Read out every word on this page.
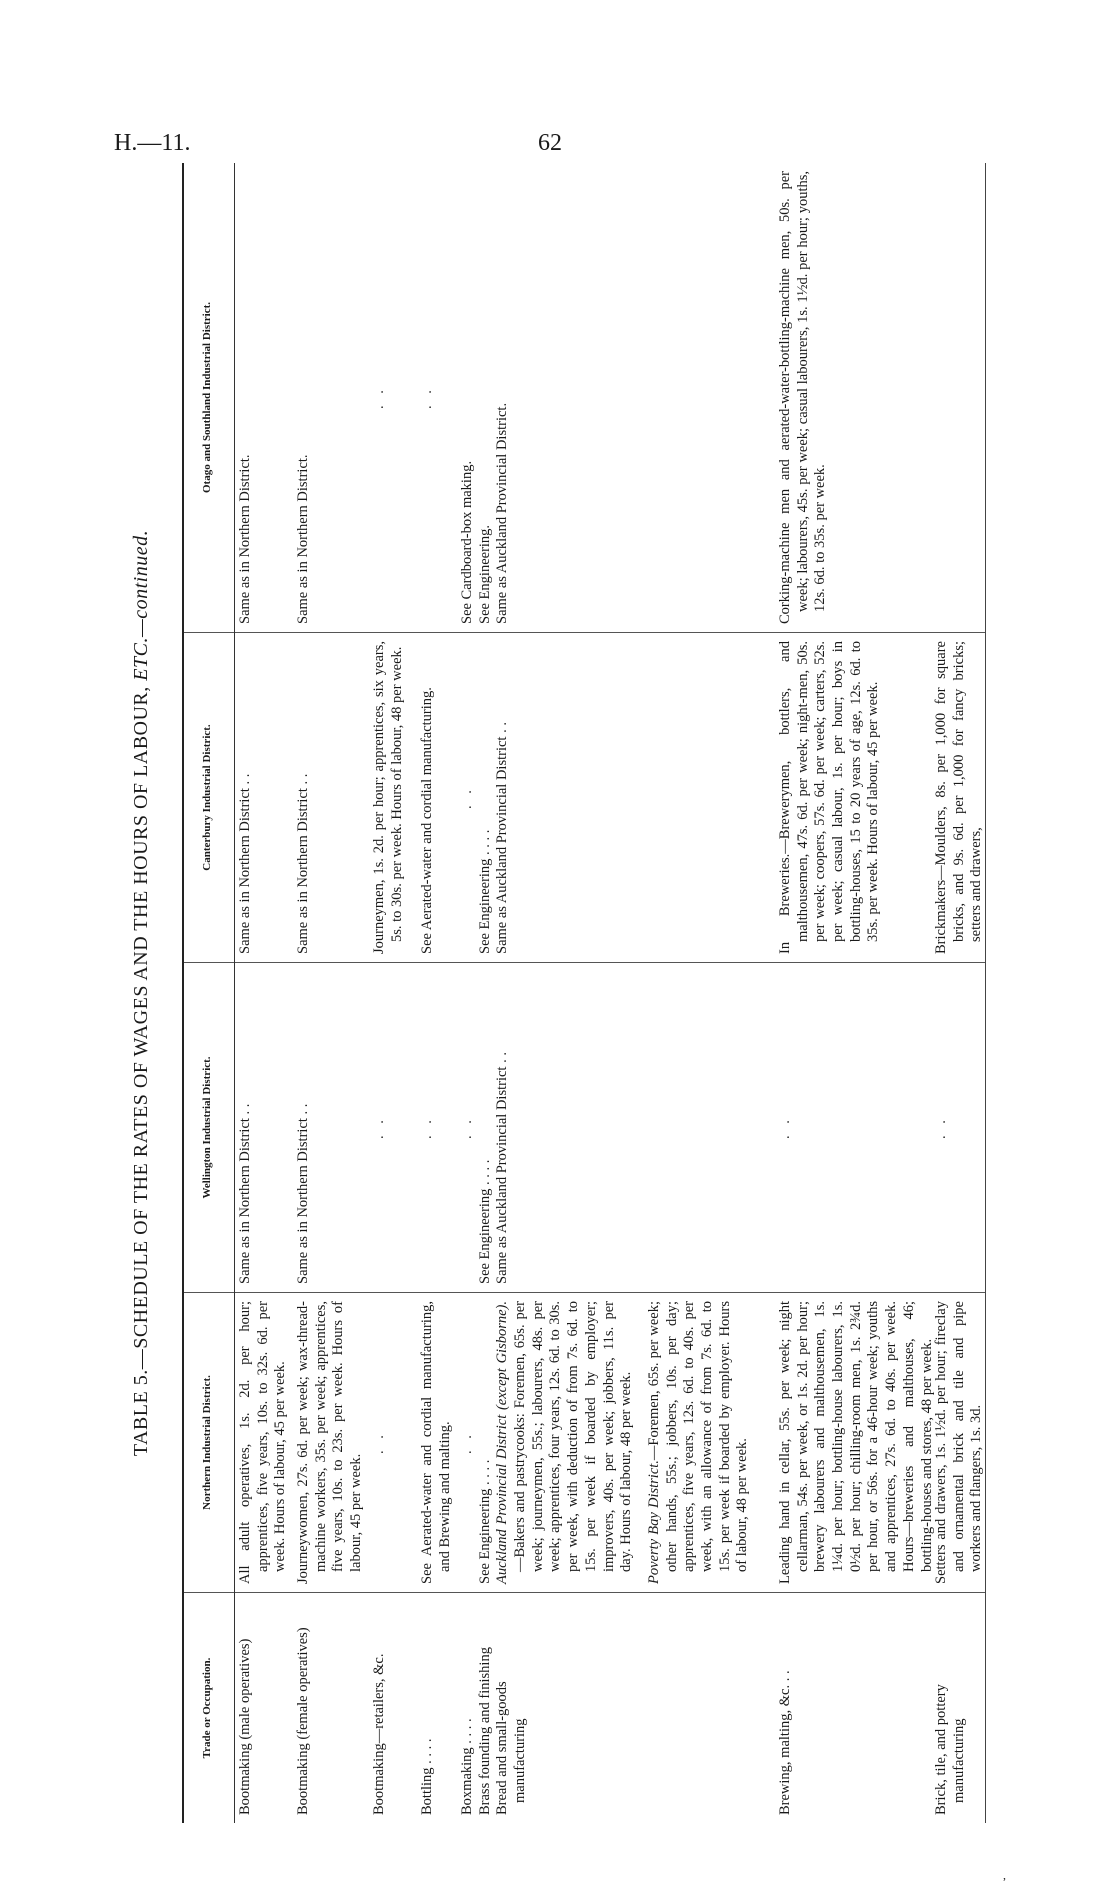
H.—11.	62
,
TABLE 5.—SCHEDULE OF THE RATES OF WAGES AND THE HOURS OF LABOUR, ETC.—continued.
Trade or Occupation.
Northern Industrial District.
Wellington Industrial District.
Canterbury Industrial District.
Otago and Southland Industrial District.

Bootmaking (male operatives)

All adult operatives, 1s. 2d. per hour; apprentices, five years, 10s. to 32s. 6d. per week. Hours of labour, 45 per week.

Same as in Northern District . .

Same as in Northern District . .

Same as in Northern District.

Bootmaking (female operatives)

Journeywomen, 27s. 6d. per week; wax-thread-machine workers, 35s. per week; apprentices, five years, 10s. to 23s. per week. Hours of labour, 45 per week.

Same as in Northern District . .

Same as in Northern District . .

Same as in Northern District.

Bootmaking—retailers, &c.

. .
. .

Journeymen, 1s. 2d. per hour; apprentices, six years, 5s. to 30s. per week. Hours of labour, 48 per week.

. .

Bottling . . . .

See Aerated-water and cordial manufacturing, and Brewing and malting.

. .

See Aerated-water and cordial manufacturing.

. .

Boxmaking . . . . Brass founding and finishing Bread and small-goods manufacturing

. .

See Engineering . . . . Auckland Provincial District (except Gisborne). —Bakers and pastrycooks: Foremen, 65s. per week; journeymen, 55s.; labourers, 48s. per week; apprentices, four years, 12s. 6d. to 30s. per week, with deduction of from 7s. 6d. to 15s. per week if boarded by employer; improvers, 40s. per week; jobbers, 11s. per day. Hours of labour, 48 per week. Poverty Bay District.—Foremen, 65s. per week; other hands, 55s.; jobbers, 10s. per day; apprentices, five years, 12s. 6d. to 40s. per week, with an allowance of from 7s. 6d. to 15s. per week if boarded by employer. Hours of labour, 48 per week.

. .

See Engineering . . . . Same as Auckland Provincial District . .

. .

See Engineering . . . . Same as Auckland Provincial District . .

See Cardboard-box making. See Engineering. Same as Auckland Provincial District.

Brewing, malting, &c. . .

Leading hand in cellar, 55s. per week; night cellarman, 54s. per week, or 1s. 2d. per hour; brewery labourers and malthousemen, 1s. 1¼d. per hour; bottling-house labourers, 1s. 0½d. per hour; chilling-room men, 1s. 2¾d. per hour, or 56s. for a 46-hour week; youths and apprentices, 27s. 6d. to 40s. per week. Hours—breweries and malthouses, 46; bottling-houses and stores, 48 per week.

. .

In Breweries.—Brewerymen, bottlers, and malthousemen, 47s. 6d. per week; night-men, 50s. per week; coopers, 57s. 6d. per week; carters, 52s. per week; casual labour, 1s. per hour; boys in bottling-houses, 15 to 20 years of age, 12s. 6d. to 35s. per week. Hours of labour, 45 per week.

Corking-machine men and aerated-water-bottling-machine men, 50s. per week; labourers, 45s. per week; casual labourers, 1s. 1½d. per hour; youths, 12s. 6d. to 35s. per week.

Brick, tile, and pottery manufacturing

Setters and drawers, 1s. 1½d. per hour; fireclay and ornamental brick and tile and pipe workers and flangers, 1s. 3d.

. .

Brickmakers—Moulders, 8s. per 1,000 for square bricks, and 9s. 6d. per 1,000 for fancy bricks; setters and drawers,
